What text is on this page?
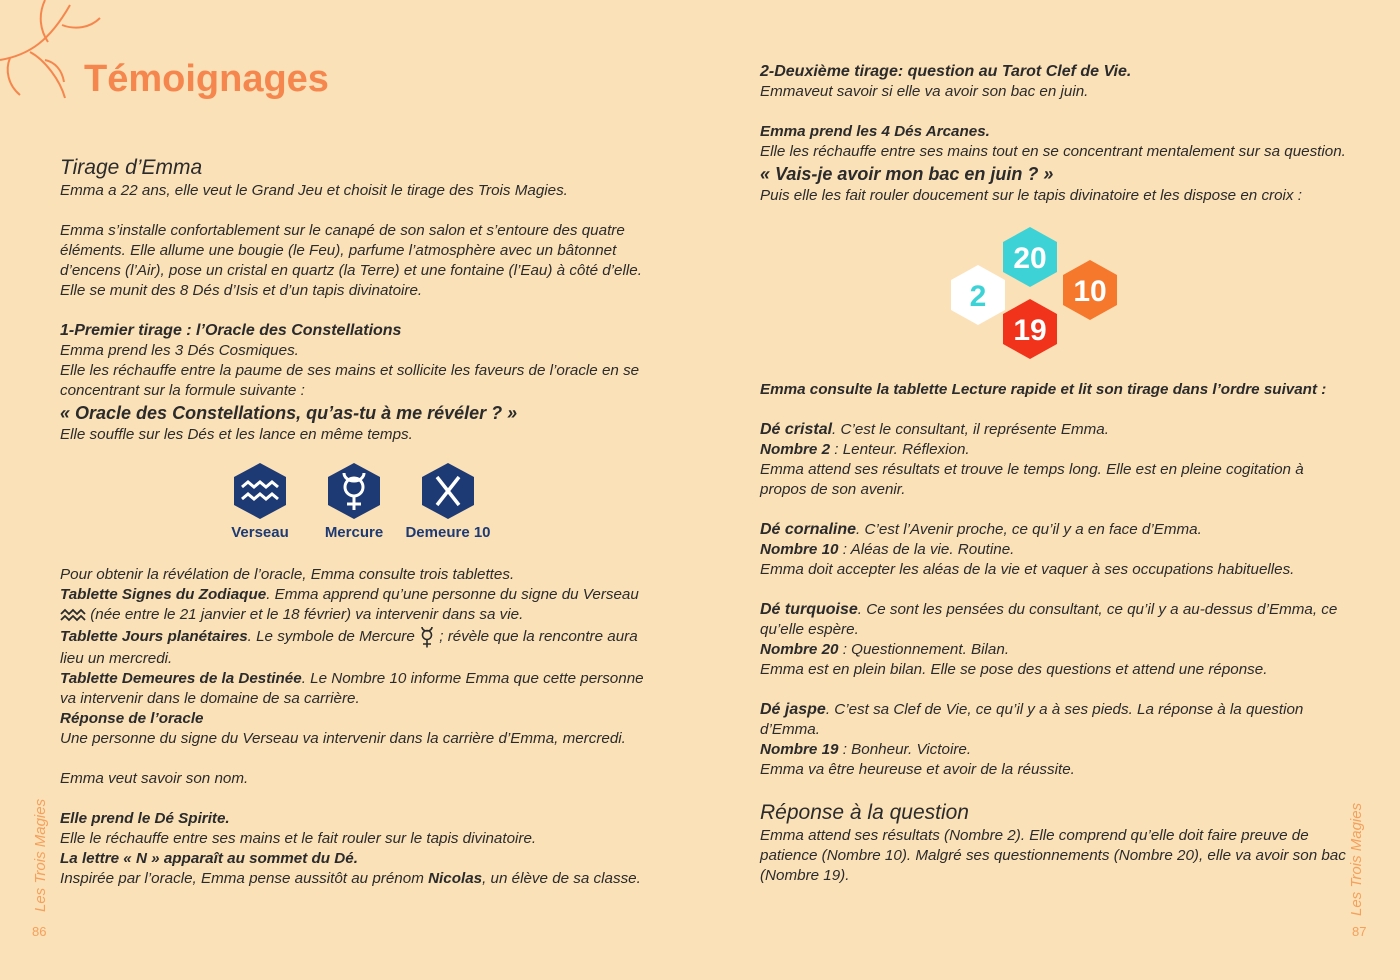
Témoignages

Tirage d’Emma

Emma a 22 ans, elle veut le Grand Jeu et choisit le tirage des Trois Magies.

Emma s’installe confortablement sur le canapé de son salon et s’entoure des quatre éléments. Elle allume une bougie (le Feu), parfume l’atmosphère avec un bâtonnet d’encens (l’Air), pose un cristal en quartz (la Terre) et une fontaine (l’Eau) à côté d’elle. Elle se munit des 8 Dés d’Isis et d’un tapis divinatoire.

1-Premier tirage : l’Oracle des Constellations

Emma prend les 3 Dés Cosmiques.

Elle les réchauffe entre la paume de ses mains et sollicite les faveurs de l’oracle en se concentrant sur la formule suivante :

« Oracle des Constellations, qu’as-tu à me révéler ? »

Elle souffle sur les Dés et les lance en même temps.

Verseau Mercure Demeure 10

Pour obtenir la révélation de l’oracle, Emma consulte trois tablettes.

Tablette Signes du Zodiaque. Emma apprend qu’une personne du signe du Verseau  (née entre le 21 janvier et le 18 février) va intervenir dans sa vie.

Tablette Jours planétaires. Le symbole de Mercure ; révèle que la rencontre aura lieu un mercredi.

Tablette Demeures de la Destinée. Le Nombre 10 informe Emma que cette personne va intervenir dans le domaine de sa carrière.

Réponse de l’oracle

Une personne du signe du Verseau va intervenir dans la carrière d’Emma, mercredi.

Emma veut savoir son nom.

Elle prend le Dé Spirite.

Elle le réchauffe entre ses mains et le fait rouler sur le tapis divinatoire.

La lettre « N » apparaît au sommet du Dé.

Inspirée par l’oracle, Emma pense aussitôt au prénom Nicolas, un élève de sa classe.

Les Trois Magies
86

2-Deuxième tirage: question au Tarot Clef de Vie.

Emmaveut savoir si elle va avoir son bac en juin.

Emma prend les 4 Dés Arcanes.

Elle les réchauffe entre ses mains tout en se concentrant mentalement sur sa question.

« Vais-je avoir mon bac en juin ? »

Puis elle les fait rouler doucement sur le tapis divinatoire et les dispose en croix :

20
2	10
19

Emma consulte la tablette Lecture rapide et lit son tirage dans l’ordre suivant :

Dé cristal. C’est le consultant, il représente Emma.

Nombre 2 : Lenteur. Réflexion.

Emma attend ses résultats et trouve le temps long. Elle est en pleine cogitation à propos de son avenir.

Dé cornaline. C’est l’Avenir proche, ce qu’il y a en face d’Emma.

Nombre 10 : Aléas de la vie. Routine.

Emma doit accepter les aléas de la vie et vaquer à ses occupations habituelles.

Dé turquoise. Ce sont les pensées du consultant, ce qu’il y a au-dessus d’Emma, ce qu’elle espère.

Nombre 20 : Questionnement. Bilan.

Emma est en plein bilan. Elle se pose des questions et attend une réponse.

Dé jaspe. C’est sa Clef de Vie, ce qu’il y a à ses pieds. La réponse à la question d’Emma.

Nombre 19 : Bonheur. Victoire.

Emma va être heureuse et avoir de la réussite.

Réponse à la question

Emma attend ses résultats (Nombre 2). Elle comprend qu’elle doit faire preuve de patience (Nombre 10). Malgré ses questionnements (Nombre 20), elle va avoir son bac (Nombre 19).	Les Trois Magies
87
